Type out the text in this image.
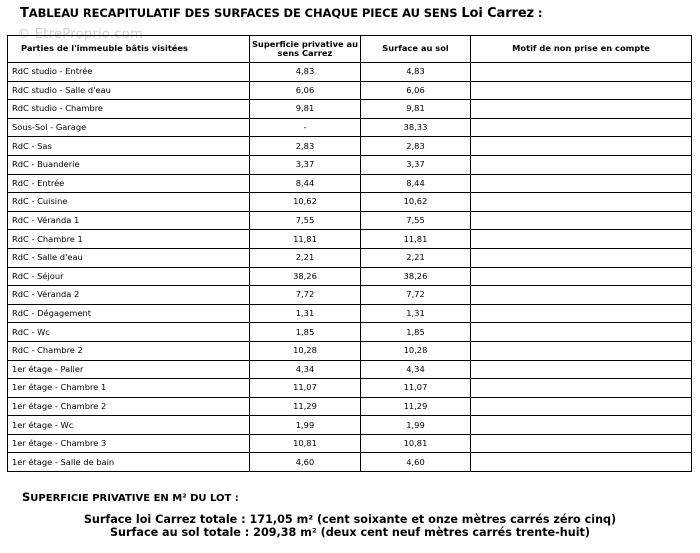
TABLEAU RECAPITULATIF DES SURFACES DE CHAQUE PIECE AU SENS Loi Carrez :
© EtreProprio.com
Parties de l'immeuble bâtis visitées	Superficie privative au sens Carrez	Surface au sol	Motif de non prise en compte
RdC studio - Entrée	4,83	4,83	
RdC studio - Salle d'eau	6,06	6,06	
RdC studio - Chambre	9,81	9,81	
Sous-Sol - Garage	-	38,33	
RdC - Sas	2,83	2,83	
RdC - Buanderie	3,37	3,37	
RdC - Entrée	8,44	8,44	
RdC - Cuisine	10,62	10,62	
RdC - Véranda 1	7,55	7,55	
RdC - Chambre 1	11,81	11,81	
RdC - Salle d'eau	2,21	2,21	
RdC - Séjour	38,26	38,26	
RdC - Véranda 2	7,72	7,72	
RdC - Dégagement	1,31	1,31	
RdC - Wc	1,85	1,85	
RdC - Chambre 2	10,28	10,28	
1er étage - Palier	4,34	4,34	
1er étage - Chambre 1	11,07	11,07	
1er étage - Chambre 2	11,29	11,29	
1er étage - Wc	1,99	1,99	
1er étage - Chambre 3	10,81	10,81	
1er étage - Salle de bain	4,60	4,60	
SUPERFICIE PRIVATIVE EN M² DU LOT :
Surface loi Carrez totale : 171,05 m² (cent soixante et onze mètres carrés zéro cinq)
Surface au sol totale : 209,38 m² (deux cent neuf mètres carrés trente-huit)
